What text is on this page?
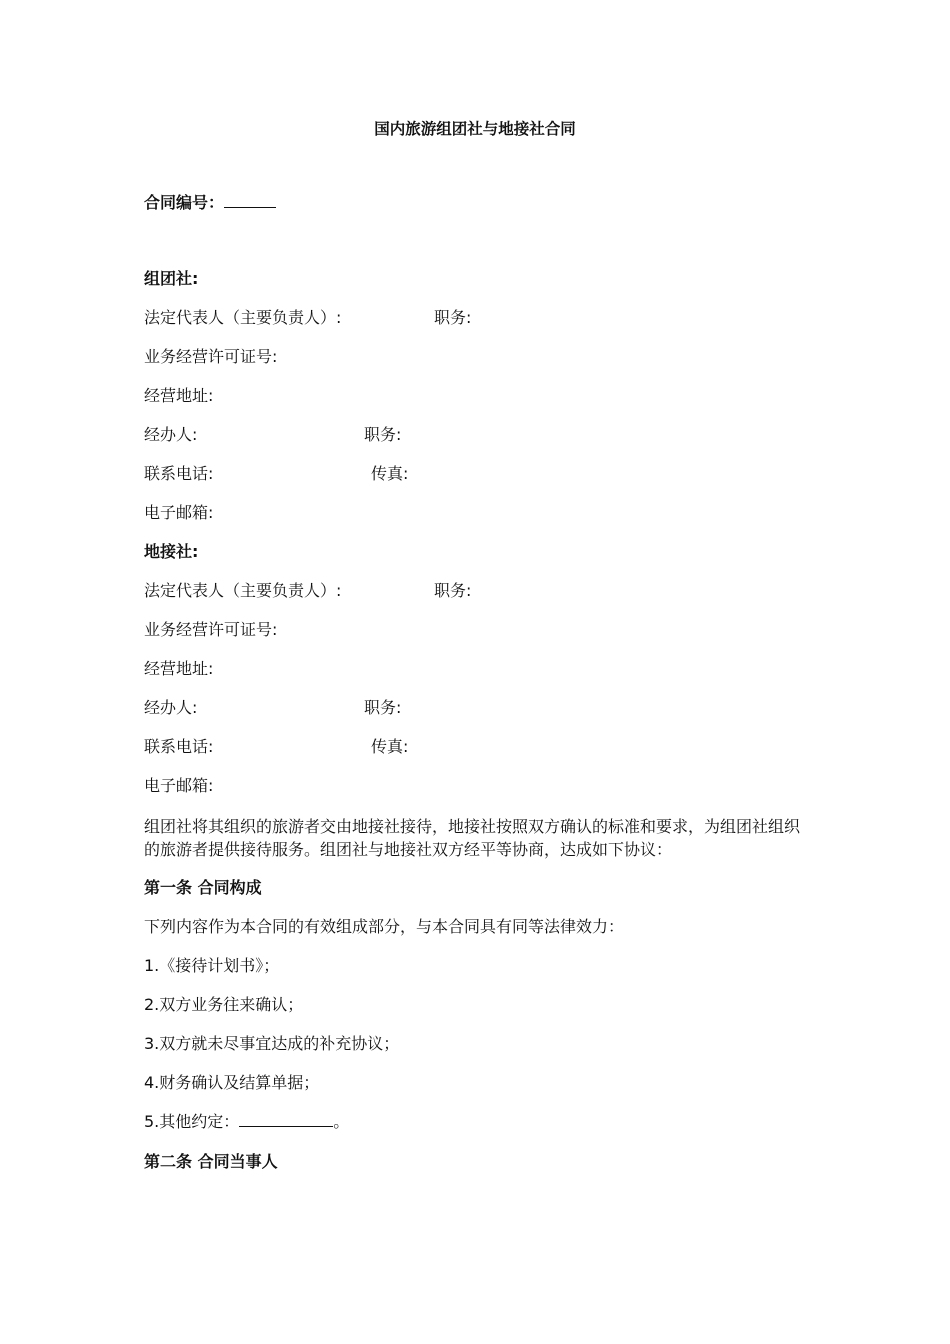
国内旅游组团社与地接社合同
合同编号：
组团社:
法定代表人（主要负责人）:	职务:
业务经营许可证号:
经营地址:
经办人:	职务:
联系电话:	传真:
电子邮箱:
地接社:
法定代表人（主要负责人）:	职务:
业务经营许可证号:
经营地址:
经办人:	职务:
联系电话:	传真:
电子邮箱:
组团社将其组织的旅游者交由地接社接待，地接社按照双方确认的标准和要求，为组团社组织的旅游者提供接待服务。组团社与地接社双方经平等协商，达成如下协议：
第一条 合同构成
下列内容作为本合同的有效组成部分，与本合同具有同等法律效力：
1.《接待计划书》；
2.双方业务往来确认；
3.双方就未尽事宜达成的补充协议；
4.财务确认及结算单据；
5.其他约定：	。
第二条 合同当事人
